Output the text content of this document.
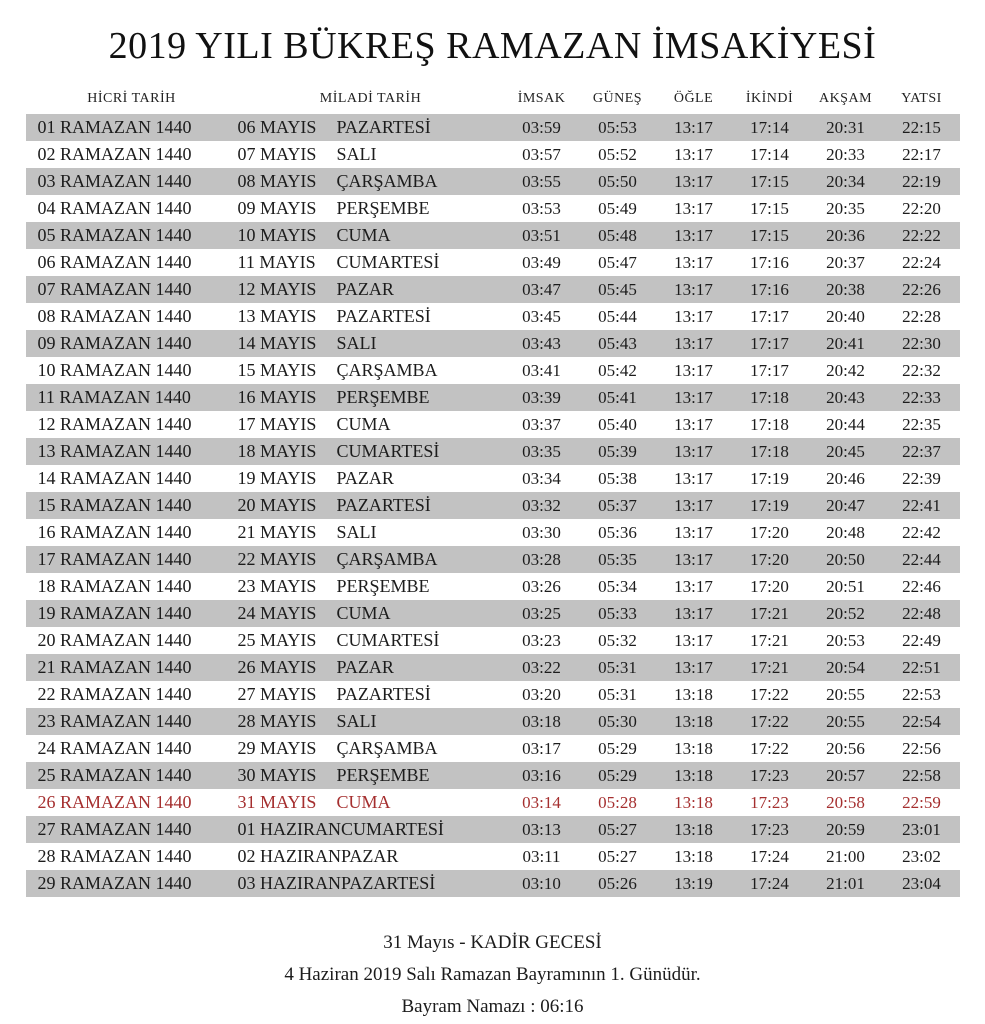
2019 YILI BÜKREŞ RAMAZAN İMSAKİYESİ
HİCRİ TARİH	MİLADİ TARİH	İMSAK	GÜNEŞ	ÖĞLE	İKİNDİ	AKŞAM	YATSI
01 RAMAZAN 1440	06 MAYIS	PAZARTESİ	03:59	05:53	13:17	17:14	20:31	22:15
02 RAMAZAN 1440	07 MAYIS	SALI	03:57	05:52	13:17	17:14	20:33	22:17
03 RAMAZAN 1440	08 MAYIS	ÇARŞAMBA	03:55	05:50	13:17	17:15	20:34	22:19
04 RAMAZAN 1440	09 MAYIS	PERŞEMBE	03:53	05:49	13:17	17:15	20:35	22:20
05 RAMAZAN 1440	10 MAYIS	CUMA	03:51	05:48	13:17	17:15	20:36	22:22
06 RAMAZAN 1440	11 MAYIS	CUMARTESİ	03:49	05:47	13:17	17:16	20:37	22:24
07 RAMAZAN 1440	12 MAYIS	PAZAR	03:47	05:45	13:17	17:16	20:38	22:26
08 RAMAZAN 1440	13 MAYIS	PAZARTESİ	03:45	05:44	13:17	17:17	20:40	22:28
09 RAMAZAN 1440	14 MAYIS	SALI	03:43	05:43	13:17	17:17	20:41	22:30
10 RAMAZAN 1440	15 MAYIS	ÇARŞAMBA	03:41	05:42	13:17	17:17	20:42	22:32
11 RAMAZAN 1440	16 MAYIS	PERŞEMBE	03:39	05:41	13:17	17:18	20:43	22:33
12 RAMAZAN 1440	17 MAYIS	CUMA	03:37	05:40	13:17	17:18	20:44	22:35
13 RAMAZAN 1440	18 MAYIS	CUMARTESİ	03:35	05:39	13:17	17:18	20:45	22:37
14 RAMAZAN 1440	19 MAYIS	PAZAR	03:34	05:38	13:17	17:19	20:46	22:39
15 RAMAZAN 1440	20 MAYIS	PAZARTESİ	03:32	05:37	13:17	17:19	20:47	22:41
16 RAMAZAN 1440	21 MAYIS	SALI	03:30	05:36	13:17	17:20	20:48	22:42
17 RAMAZAN 1440	22 MAYIS	ÇARŞAMBA	03:28	05:35	13:17	17:20	20:50	22:44
18 RAMAZAN 1440	23 MAYIS	PERŞEMBE	03:26	05:34	13:17	17:20	20:51	22:46
19 RAMAZAN 1440	24 MAYIS	CUMA	03:25	05:33	13:17	17:21	20:52	22:48
20 RAMAZAN 1440	25 MAYIS	CUMARTESİ	03:23	05:32	13:17	17:21	20:53	22:49
21 RAMAZAN 1440	26 MAYIS	PAZAR	03:22	05:31	13:17	17:21	20:54	22:51
22 RAMAZAN 1440	27 MAYIS	PAZARTESİ	03:20	05:31	13:18	17:22	20:55	22:53
23 RAMAZAN 1440	28 MAYIS	SALI	03:18	05:30	13:18	17:22	20:55	22:54
24 RAMAZAN 1440	29 MAYIS	ÇARŞAMBA	03:17	05:29	13:18	17:22	20:56	22:56
25 RAMAZAN 1440	30 MAYIS	PERŞEMBE	03:16	05:29	13:18	17:23	20:57	22:58
26 RAMAZAN 1440	31 MAYIS	CUMA	03:14	05:28	13:18	17:23	20:58	22:59
27 RAMAZAN 1440	01 HAZIRAN CUMARTESİ	03:13	05:27	13:18	17:23	20:59	23:01
28 RAMAZAN 1440	02 HAZIRAN PAZAR	03:11	05:27	13:18	17:24	21:00	23:02
29 RAMAZAN 1440	03 HAZIRAN PAZARTESİ	03:10	05:26	13:19	17:24	21:01	23:04
31 Mayıs - KADİR GECESİ
4 Haziran 2019 Salı Ramazan Bayramının 1. Günüdür.
Bayram Namazı : 06:16
